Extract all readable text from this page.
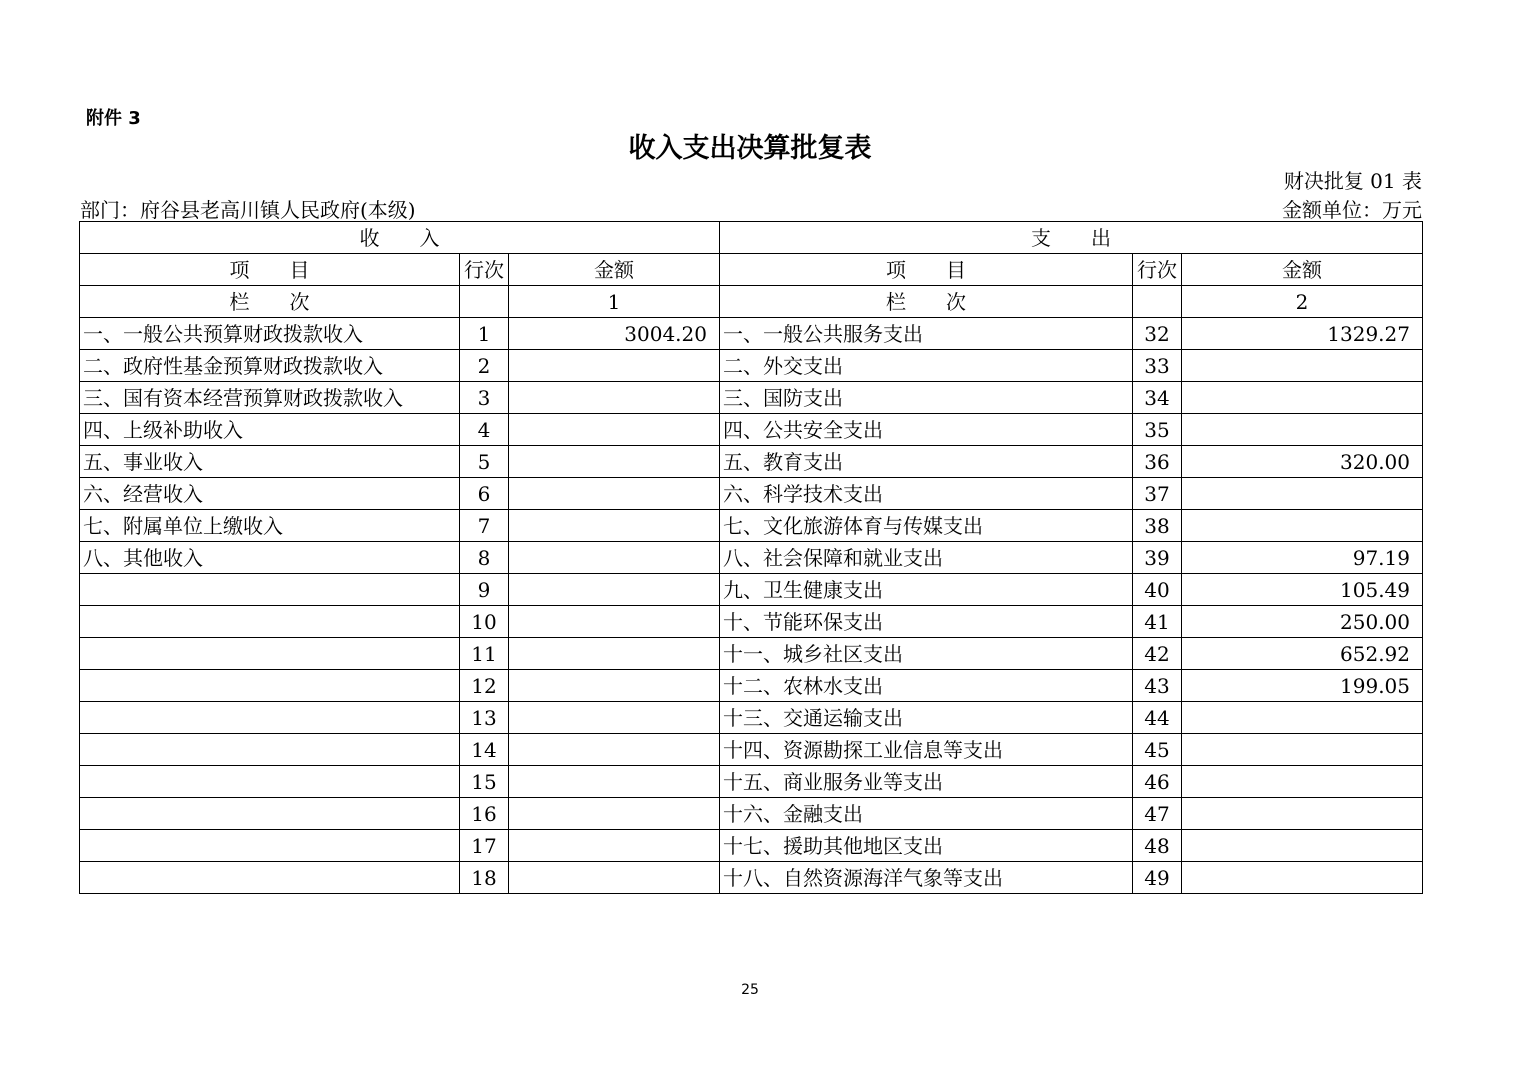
附件 3
收入支出决算批复表
财决批复 01 表
部门：府谷县老高川镇人民政府(本级)	金额单位：万元
收　　入			支　　出		
项　　目	行次	金额	项　　目	行次	金额
栏　　次		1	栏　　次		2
一、一般公共预算财政拨款收入	1	3004.20	一、一般公共服务支出	32	1329.27
二、政府性基金预算财政拨款收入	2		二、外交支出	33	
三、国有资本经营预算财政拨款收入	3		三、国防支出	34	
四、上级补助收入	4		四、公共安全支出	35	
五、事业收入	5		五、教育支出	36	320.00
六、经营收入	6		六、科学技术支出	37	
七、附属单位上缴收入	7		七、文化旅游体育与传媒支出	38	
八、其他收入	8		八、社会保障和就业支出	39	97.19
	9		九、卫生健康支出	40	105.49
	10		十、节能环保支出	41	250.00
	11		十一、城乡社区支出	42	652.92
	12		十二、农林水支出	43	199.05
	13		十三、交通运输支出	44	
	14		十四、资源勘探工业信息等支出	45	
	15		十五、商业服务业等支出	46	
	16		十六、金融支出	47	
	17		十七、援助其他地区支出	48	
	18		十八、自然资源海洋气象等支出	49	
25
